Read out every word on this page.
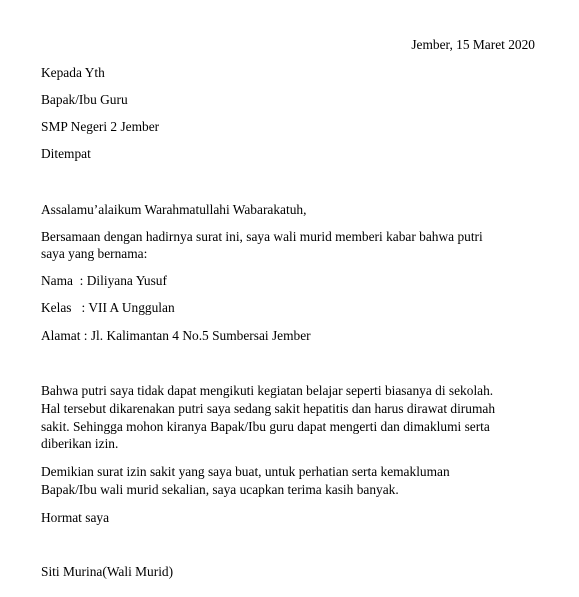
Jember, 15 Maret 2020
Kepada Yth
Bapak/Ibu Guru
SMP Negeri 2 Jember
Ditempat
Assalamu’alaikum Warahmatullahi Wabarakatuh,
Bersamaan dengan hadirnya surat ini, saya wali murid memberi kabar bahwa putri
saya yang bernama:
Nama  : Diliyana Yusuf
Kelas   : VII A Unggulan
Alamat : Jl. Kalimantan 4 No.5 Sumbersai Jember
Bahwa putri saya tidak dapat mengikuti kegiatan belajar seperti biasanya di sekolah.
Hal tersebut dikarenakan putri saya sedang sakit hepatitis dan harus dirawat dirumah
sakit. Sehingga mohon kiranya Bapak/Ibu guru dapat mengerti dan dimaklumi serta
diberikan izin.
Demikian surat izin sakit yang saya buat, untuk perhatian serta kemakluman
Bapak/Ibu wali murid sekalian, saya ucapkan terima kasih banyak.
Hormat saya
Siti Murina(Wali Murid)
